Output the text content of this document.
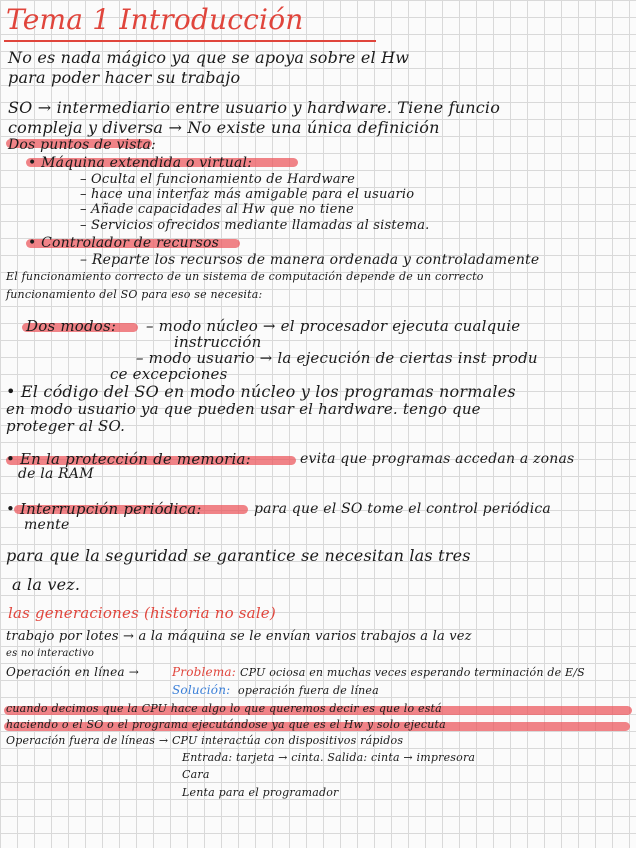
Tema 1 Introducción
No es nada mágico ya que se apoya sobre el Hw
para poder hacer su trabajo
SO → intermediario entre usuario y hardware. Tiene funcio
compleja y diversa → No existe una única definición
Dos puntos de vista:
• Máquina extendida o virtual:
– Oculta el funcionamiento de Hardware
– hace una interfaz más amigable para el usuario
– Añade capacidades al Hw que no tiene
– Servicios ofrecidos mediante llamadas al sistema.
• Controlador de recursos
– Reparte los recursos de manera ordenada y controladamente
El funcionamiento correcto de un sistema de computación depende de un correcto
funcionamiento del SO para eso se necesita:
Dos modos: – modo núcleo → el procesador ejecuta cualquie
instrucción
– modo usuario → la ejecución de ciertas inst produ
ce excepciones
• El código del SO en modo núcleo y los programas normales
en modo usuario ya que pueden usar el hardware. tengo que
proteger al SO.
• En la protección de memoria:	evita que programas accedan a zonas
de la RAM
• Interrupción periódica:	para que el SO tome el control periódica
mente
para que la seguridad se garantice se necesitan las tres
a la vez.
las generaciones (historia no sale)
trabajo por lotes → a la máquina se le envían varios trabajos a la vez
es no interactivo
Operación en línea →	Problema: CPU ociosa en muchas veces esperando terminación de E/S
Solución: operación fuera de línea
cuando decimos que la CPU hace algo lo que queremos decir es que lo está
haciendo o el SO o el programa ejecutándose ya que es el Hw y solo ejecuta
Operación fuera de líneas → CPU interactúa con dispositivos rápidos
Entrada: tarjeta → cinta. Salida: cinta → impresora
Cara
Lenta para el programador
